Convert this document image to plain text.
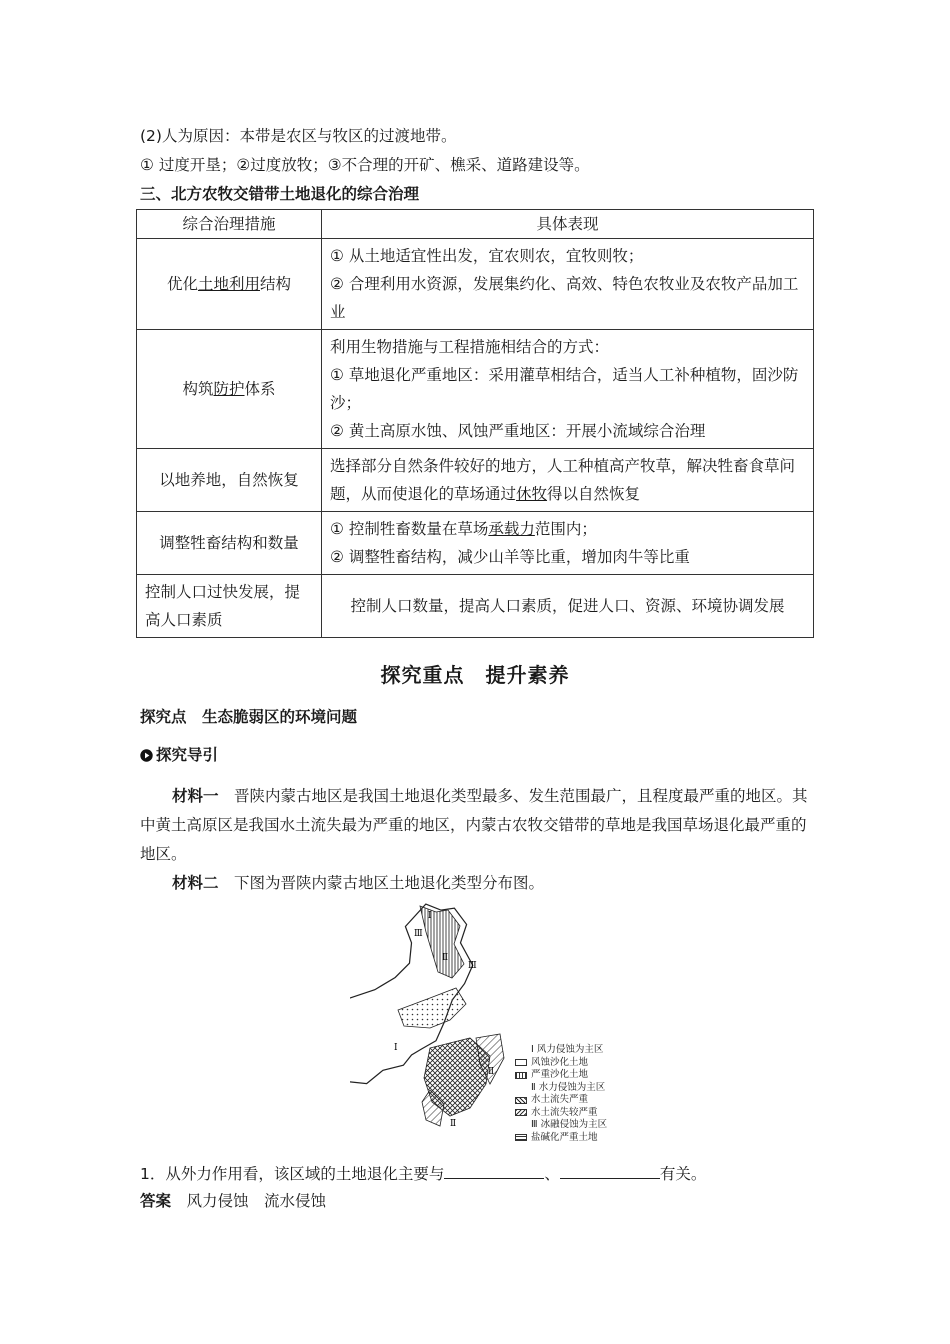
(2)人为原因：本带是农区与牧区的过渡地带。
① 过度开垦；②过度放牧；③不合理的开矿、樵采、道路建设等。
三、北方农牧交错带土地退化的综合治理
综合治理措施	具体表现
优化土地利用结构	① 从土地适宜性出发，宜农则农，宜牧则牧；
② 合理利用水资源，发展集约化、高效、特色农牧业及农牧产品加工业

构筑防护体系	利用生物措施与工程措施相结合的方式：
① 草地退化严重地区：采用灌草相结合，适当人工补种植物，固沙防沙；
② 黄土高原水蚀、风蚀严重地区：开展小流域综合治理

以地养地，自然恢复	选择部分自然条件较好的地方，人工种植高产牧草，解决牲畜食草问题，从而使退化的草场通过休牧得以自然恢复
调整牲畜结构和数量	① 控制牲畜数量在草场承载力范围内；
② 调整牲畜结构，减少山羊等比重，增加肉牛等比重

控制人口过快发展，提高人口素质	控制人口数量，提高人口素质，促进人口、资源、环境协调发展
探究重点　提升素养
探究点　生态脆弱区的环境问题
探究导引
材料一　 晋陕内蒙古地区是我国土地退化类型最多、发生范围最广，且程度最严重的地区。其中黄土高原区是我国水土流失最为严重的地区，内蒙古农牧交错带的草地是我国草场退化最严重的地区。
材料二　 下图为晋陕内蒙古地区土地退化类型分布图。
Ⅰ
Ⅱ
Ⅲ
Ⅲ
Ⅰ
Ⅱ
Ⅱ
Ⅰ 风力侵蚀为主区
风蚀沙化土地
严重沙化土地
Ⅱ 水力侵蚀为主区
水土流失严重
水土流失较严重
Ⅲ 冰融侵蚀为主区
盐碱化严重土地
1．从外力作用看，该区域的土地退化主要与	、	有关。
答案　 风力侵蚀　流水侵蚀
